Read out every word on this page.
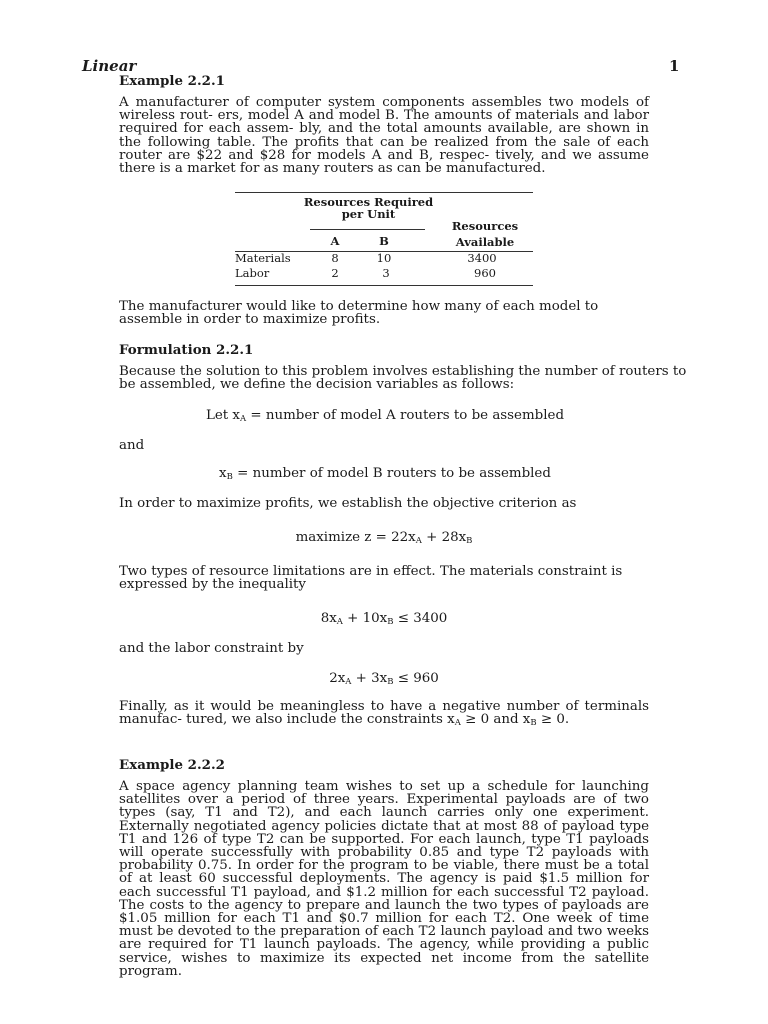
Linear	1
Example 2.2.1
A manufacturer of computer system components assembles two models of wireless rout- ers, model A and model B. The amounts of materials and labor required for each assem- bly, and the total amounts available, are shown in the following table. The profits that can be realized from the sale of each router are $22 and $28 for models A and B, respec- tively, and we assume there is a market for as many routers as can be manufactured.
Resources Required
per Unit
Resources
Available
A	B
Materials	8	10	3400
Labor	2	3	960
The manufacturer would like to determine how many of each model to assemble in order to maximize profits.
Formulation 2.2.1
Because the solution to this problem involves establishing the number of routers to be assembled, we define the decision variables as follows:
Let $x_A$ = number of model A routers to be assembled
and
$x_B$ = number of model B routers to be assembled
In order to maximize profits, we establish the objective criterion as
maximize $z = 22x_A + 28x_B$
Two types of resource limitations are in effect. The materials constraint is expressed by the inequality
$8x_A + 10x_B \le 3400$
and the labor constraint by
$2x_A + 3x_B \le 960$
Finally, as it would be meaningless to have a negative number of terminals manufac- tured, we also include the constraints $x_A \ge 0$ and $x_B \ge 0$.
Example 2.2.2
A space agency planning team wishes to set up a schedule for launching satellites over a period of three years. Experimental payloads are of two types (say, T1 and T2), and each launch carries only one experiment. Externally negotiated agency policies dictate that at most 88 of payload type T1 and 126 of type T2 can be supported. For each launch, type T1 payloads will operate successfully with probability 0.85 and type T2 payloads with probability 0.75. In order for the program to be viable, there must be a total of at least 60 successful deployments. The agency is paid $1.5 million for each successful T1 payload, and $1.2 million for each successful T2 payload. The costs to the agency to prepare and launch the two types of payloads are $1.05 million for each T1 and $0.7 million for each T2. One week of time must be devoted to the preparation of each T2 launch payload and two weeks are required for T1 launch payloads. The agency, while providing a public service, wishes to maximize its expected net income from the satellite program.
